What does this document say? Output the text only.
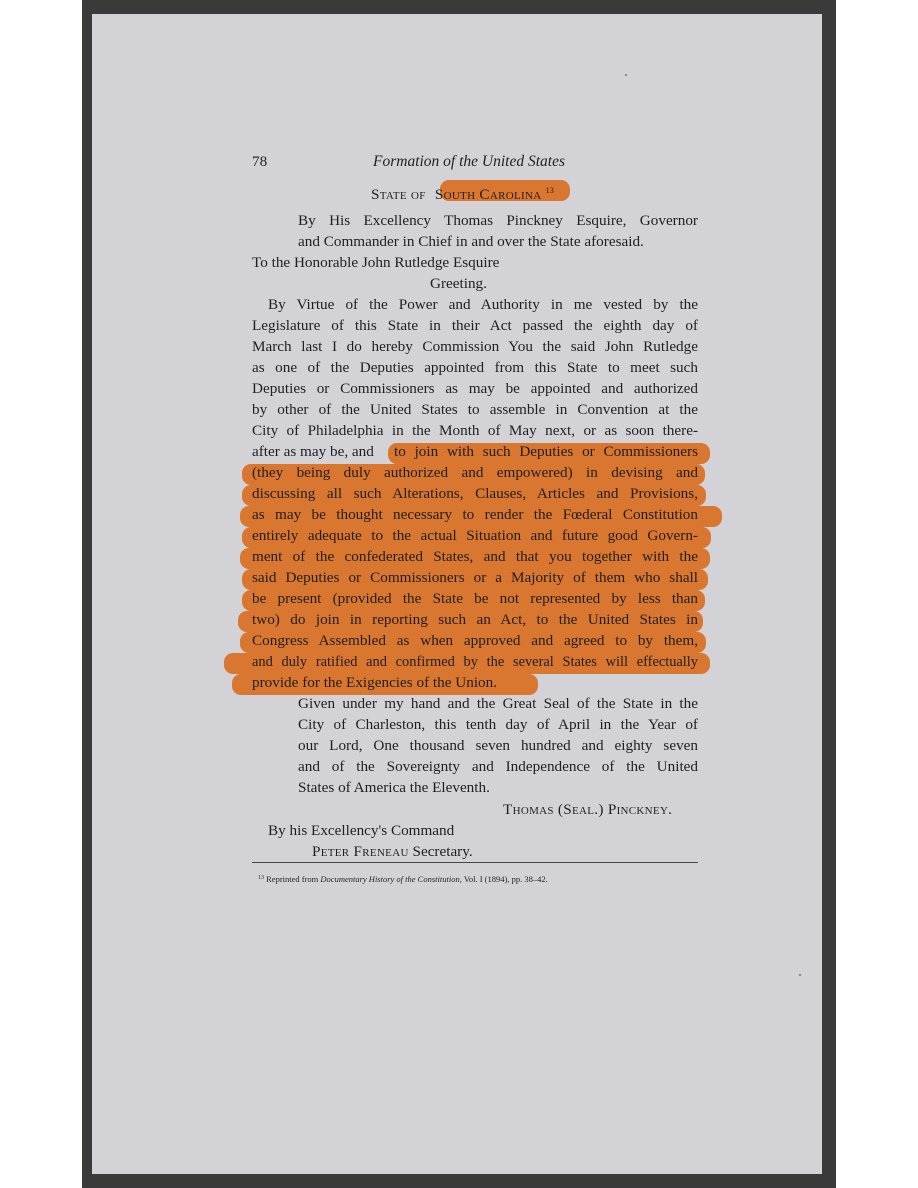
78	Formation of the United States
State of South Carolina $^{13}$
By His Excellency Thomas Pinckney Esquire, Governor
and Commander in Chief in and over the State aforesaid.
To the Honorable John Rutledge Esquire
Greeting.
By Virtue of the Power and Authority in me vested by the
Legislature of this State in their Act passed the eighth day of
March last I do hereby Commission You the said John Rutledge
as one of the Deputies appointed from this State to meet such
Deputies or Commissioners as may be appointed and authorized
by other of the United States to assemble in Convention at the
City of Philadelphia in the Month of May next, or as soon there-
after as may be, and to join with such Deputies or Commissioners
(they being duly authorized and empowered) in devising and
discussing all such Alterations, Clauses, Articles and Provisions,
as may be thought necessary to render the Fœderal Constitution
entirely adequate to the actual Situation and future good Govern-
ment of the confederated States, and that you together with the
said Deputies or Commissioners or a Majority of them who shall
be present (provided the State be not represented by less than
two) do join in reporting such an Act, to the United States in
Congress Assembled as when approved and agreed to by them,
and duly ratified and confirmed by the several States will effectually
provide for the Exigencies of the Union.
Given under my hand and the Great Seal of the State in the
City of Charleston, this tenth day of April in the Year of
our Lord, One thousand seven hundred and eighty seven
and of the Sovereignty and Independence of the United
States of America the Eleventh.
Thomas (Seal.) Pinckney.
By his Excellency's Command
Peter Freneau Secretary.
$^{13}$ Reprinted from Documentary History of the Constitution, Vol. I (1894), pp. 38–42.
